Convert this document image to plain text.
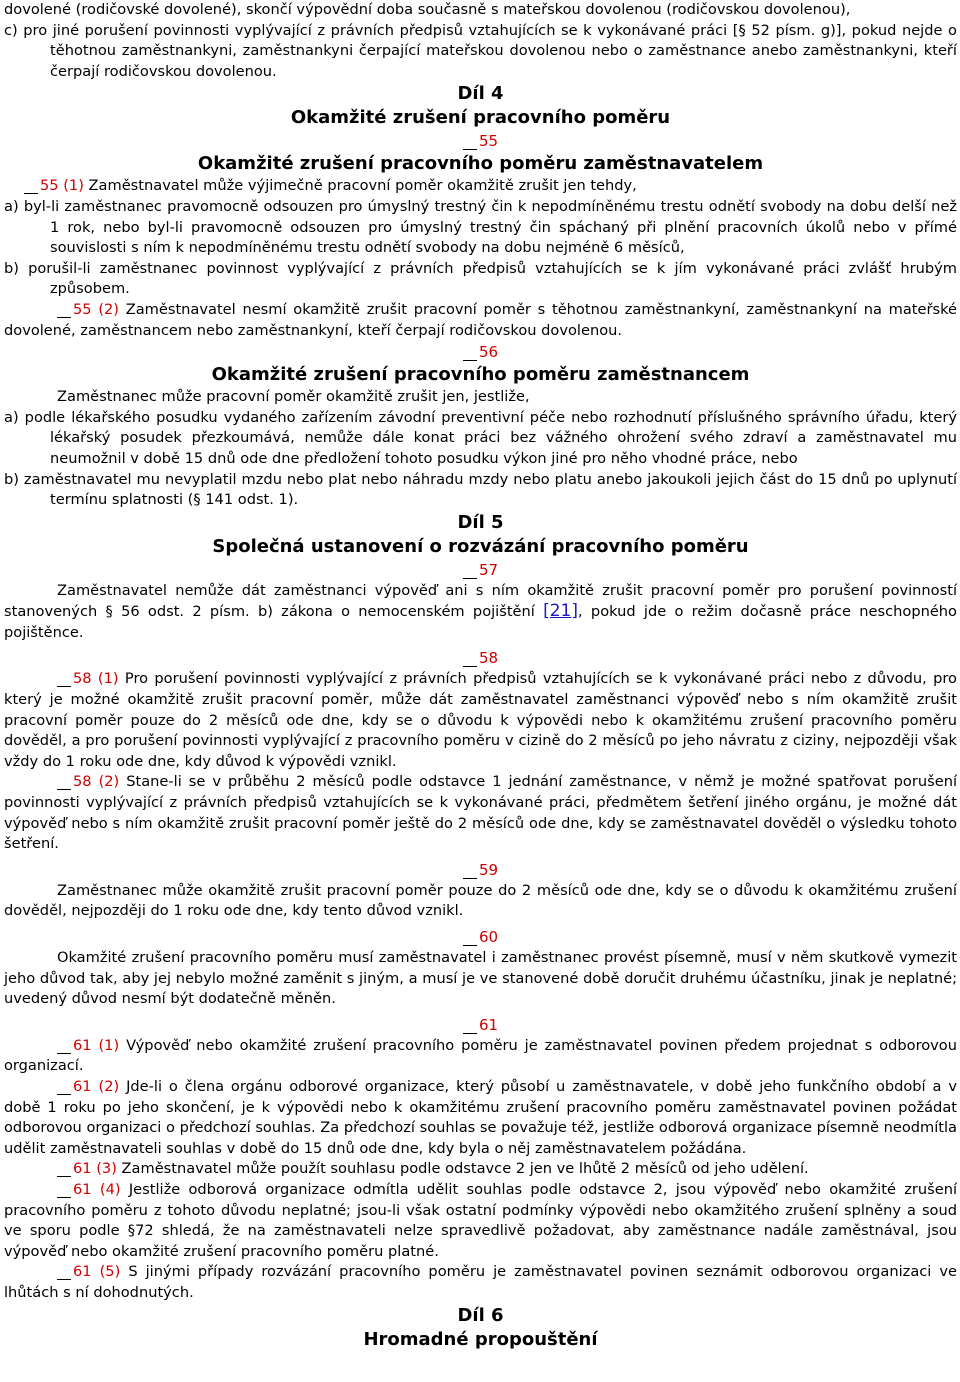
dovolené (rodičovské dovolené), skončí výpovědní doba současně s mateřskou dovolenou (rodičovskou dovolenou),

c) pro jiné porušení povinnosti vyplývající z právních předpisů vztahujících se k vykonávané práci [§ 52 písm. g)], pokud nejde o těhotnou zaměstnankyni, zaměstnankyni čerpající mateřskou dovolenou nebo o zaměstnance anebo zaměstnankyni, kteří čerpají rodičovskou dovolenou.

Díl 4

Okamžité zrušení pracovního poměru

55

Okamžité zrušení pracovního poměru zaměstnavatelem

55 (1) Zaměstnavatel může výjimečně pracovní poměr okamžitě zrušit jen tehdy,

a) byl-li zaměstnanec pravomocně odsouzen pro úmyslný trestný čin k nepodmíněnému trestu odnětí svobody na dobu delší než 1 rok, nebo byl-li pravomocně odsouzen pro úmyslný trestný čin spáchaný při plnění pracovních úkolů nebo v přímé souvislosti s ním k nepodmíněnému trestu odnětí svobody na dobu nejméně 6 měsíců,

b) porušil-li zaměstnanec povinnost vyplývající z právních předpisů vztahujících se k jím vykonávané práci zvlášť hrubým způsobem.

55 (2) Zaměstnavatel nesmí okamžitě zrušit pracovní poměr s těhotnou zaměstnankyní, zaměstnankyní na mateřské dovolené, zaměstnancem nebo zaměstnankyní, kteří čerpají rodičovskou dovolenou.

56

Okamžité zrušení pracovního poměru zaměstnancem

Zaměstnanec může pracovní poměr okamžitě zrušit jen, jestliže,

a) podle lékařského posudku vydaného zařízením závodní preventivní péče nebo rozhodnutí příslušného správního úřadu, který lékařský posudek přezkoumává, nemůže dále konat práci bez vážného ohrožení svého zdraví a zaměstnavatel mu neumožnil v době 15 dnů ode dne předložení tohoto posudku výkon jiné pro něho vhodné práce, nebo

b) zaměstnavatel mu nevyplatil mzdu nebo plat nebo náhradu mzdy nebo platu anebo jakoukoli jejich část do 15 dnů po uplynutí termínu splatnosti (§ 141 odst. 1).

Díl 5

Společná ustanovení o rozvázání pracovního poměru

57

Zaměstnavatel nemůže dát zaměstnanci výpověď ani s ním okamžitě zrušit pracovní poměr pro porušení povinností stanovených § 56 odst. 2 písm. b) zákona o nemocenském pojištění [21], pokud jde o režim dočasně práce neschopného pojištěnce.

58

58 (1) Pro porušení povinnosti vyplývající z právních předpisů vztahujících se k vykonávané práci nebo z důvodu, pro který je možné okamžitě zrušit pracovní poměr, může dát zaměstnavatel zaměstnanci výpověď nebo s ním okamžitě zrušit pracovní poměr pouze do 2 měsíců ode dne, kdy se o důvodu k výpovědi nebo k okamžitému zrušení pracovního poměru dověděl, a pro porušení povinnosti vyplývající z pracovního poměru v cizině do 2 měsíců po jeho návratu z ciziny, nejpozději však vždy do 1 roku ode dne, kdy důvod k výpovědi vznikl.

58 (2) Stane-li se v průběhu 2 měsíců podle odstavce 1 jednání zaměstnance, v němž je možné spatřovat porušení povinnosti vyplývající z právních předpisů vztahujících se k vykonávané práci, předmětem šetření jiného orgánu, je možné dát výpověď nebo s ním okamžitě zrušit pracovní poměr ještě do 2 měsíců ode dne, kdy se zaměstnavatel dověděl o výsledku tohoto šetření.

59

Zaměstnanec může okamžitě zrušit pracovní poměr pouze do 2 měsíců ode dne, kdy se o důvodu k okamžitému zrušení dověděl, nejpozději do 1 roku ode dne, kdy tento důvod vznikl.

60

Okamžité zrušení pracovního poměru musí zaměstnavatel i zaměstnanec provést písemně, musí v něm skutkově vymezit jeho důvod tak, aby jej nebylo možné zaměnit s jiným, a musí je ve stanovené době doručit druhému účastníku, jinak je neplatné; uvedený důvod nesmí být dodatečně měněn.

61

61 (1) Výpověď nebo okamžité zrušení pracovního poměru je zaměstnavatel povinen předem projednat s odborovou organizací.

61 (2) Jde-li o člena orgánu odborové organizace, který působí u zaměstnavatele, v době jeho funkčního období a v době 1 roku po jeho skončení, je k výpovědi nebo k okamžitému zrušení pracovního poměru zaměstnavatel povinen požádat odborovou organizaci o předchozí souhlas. Za předchozí souhlas se považuje též, jestliže odborová organizace písemně neodmítla udělit zaměstnavateli souhlas v době do 15 dnů ode dne, kdy byla o něj zaměstnavatelem požádána.

61 (3) Zaměstnavatel může použít souhlasu podle odstavce 2 jen ve lhůtě 2 měsíců od jeho udělení.

61 (4) Jestliže odborová organizace odmítla udělit souhlas podle odstavce 2, jsou výpověď nebo okamžité zrušení pracovního poměru z tohoto důvodu neplatné; jsou-li však ostatní podmínky výpovědi nebo okamžitého zrušení splněny a soud ve sporu podle §72 shledá, že na zaměstnavateli nelze spravedlivě požadovat, aby zaměstnance nadále zaměstnával, jsou výpověď nebo okamžité zrušení pracovního poměru platné.

61 (5) S jinými případy rozvázání pracovního poměru je zaměstnavatel povinen seznámit odborovou organizaci ve lhůtách s ní dohodnutých.

Díl 6

Hromadné propouštění
